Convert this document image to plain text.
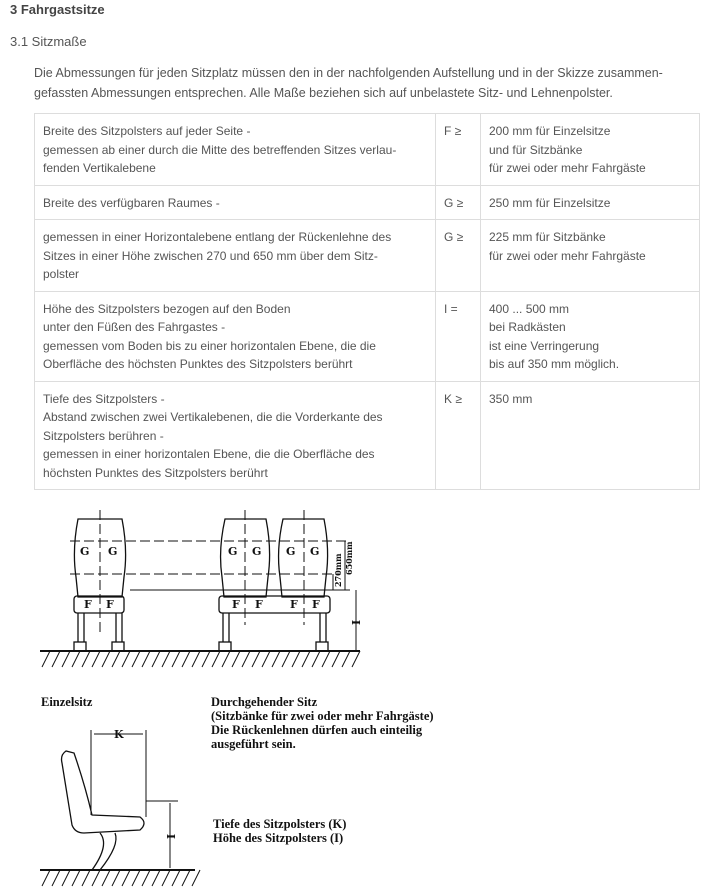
3 Fahrgastsitze
3.1 Sitzmaße
Die Abmessungen für jeden Sitzplatz müssen den in der nachfolgenden Aufstellung und in der Skizze zusammen-gefassten Abmessungen entsprechen. Alle Maße beziehen sich auf unbelastete Sitz- und Lehnenpolster.
Breite des Sitzpolsters auf jeder Seite -
gemessen ab einer durch die Mitte des betreffenden Sitzes verlau-
fenden Vertikalebene	F ≥	200 mm für Einzelsitze
und für Sitzbänke
für zwei oder mehr Fahrgäste

Breite des verfügbaren Raumes -	G ≥	250 mm für Einzelsitze

gemessen in einer Horizontalebene entlang der Rückenlehne des
Sitzes in einer Höhe zwischen 270 und 650 mm über dem Sitz-
polster	G ≥	225 mm für Sitzbänke
für zwei oder mehr Fahrgäste

Höhe des Sitzpolsters bezogen auf den Boden
unter den Füßen des Fahrgastes -
gemessen vom Boden bis zu einer horizontalen Ebene, die die
Oberfläche des höchsten Punktes des Sitzpolsters berührt	I =	400 ... 500 mm
bei Radkästen
ist eine Verringerung
bis auf 350 mm möglich.

Tiefe des Sitzpolsters -
Abstand zwischen zwei Vertikalebenen, die die Vorderkante des
Sitzpolsters berühren -
gemessen in einer horizontalen Ebene, die die Oberfläche des
höchsten Punktes des Sitzpolsters berührt	K ≥	350 mm
G G	G G G G
F F	F F F F
I
I
K
270mm 650mm
Einzelsitz	Durchgehender Sitz
(Sitzbänke für zwei oder mehr Fahrgäste)
Die Rückenlehnen dürfen auch einteilig
ausgeführt sein.
Tiefe des Sitzpolsters (K)
Höhe des Sitzpolsters (I)
